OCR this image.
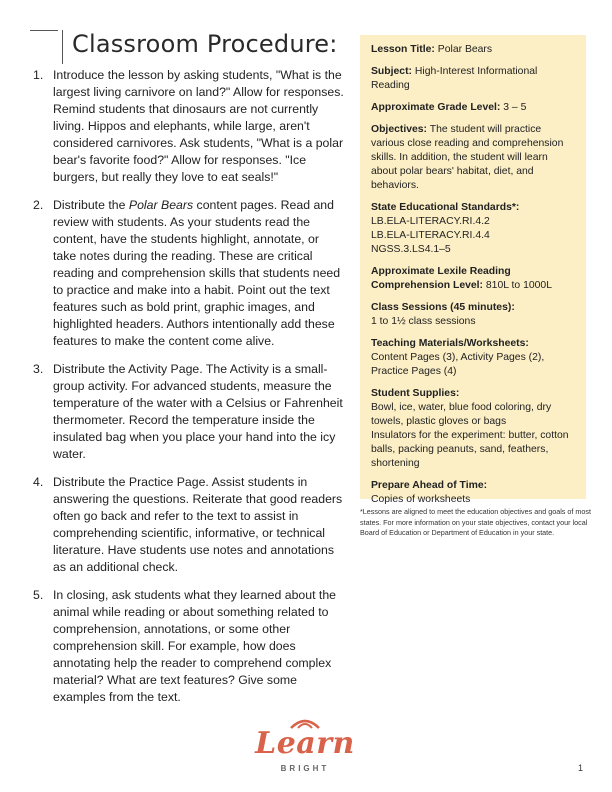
Classroom Procedure:
1. Introduce the lesson by asking students, "What is the largest living carnivore on land?" Allow for responses. Remind students that dinosaurs are not currently living. Hippos and elephants, while large, aren't considered carnivores. Ask students, "What is a polar bear's favorite food?" Allow for responses. "Ice burgers, but really they love to eat seals!"
2. Distribute the Polar Bears content pages. Read and review with students. As your students read the content, have the students highlight, annotate, or take notes during the reading. These are critical reading and comprehension skills that students need to practice and make into a habit. Point out the text features such as bold print, graphic images, and highlighted headers. Authors intentionally add these features to make the content come alive.
3. Distribute the Activity Page. The Activity is a small-group activity. For advanced students, measure the temperature of the water with a Celsius or Fahrenheit thermometer. Record the temperature inside the insulated bag when you place your hand into the icy water.
4. Distribute the Practice Page. Assist students in answering the questions. Reiterate that good readers often go back and refer to the text to assist in comprehending scientific, informative, or technical literature. Have students use notes and annotations as an additional check.
5. In closing, ask students what they learned about the animal while reading or about something related to comprehension, annotations, or some other comprehension skill. For example, how does annotating help the reader to comprehend complex material? What are text features? Give some examples from the text.
Lesson Title: Polar Bears
Subject: High-Interest Informational Reading
Approximate Grade Level: 3 – 5
Objectives: The student will practice various close reading and comprehension skills. In addition, the student will learn about polar bears' habitat, diet, and behaviors.
State Educational Standards*:
LB.ELA-LITERACY.RI.4.2
LB.ELA-LITERACY.RI.4.4
NGSS.3.LS4.1–5
Approximate Lexile Reading Comprehension Level: 810L to 1000L
Class Sessions (45 minutes):
1 to 1½ class sessions
Teaching Materials/Worksheets:
Content Pages (3), Activity Pages (2), Practice Pages (4)
Student Supplies:
Bowl, ice, water, blue food coloring, dry towels, plastic gloves or bags
Insulators for the experiment: butter, cotton balls, packing peanuts, sand, feathers, shortening
Prepare Ahead of Time:
Copies of worksheets
*Lessons are aligned to meet the education objectives and goals of most states. For more information on your state objectives, contact your local Board of Education or Department of Education in your state.
Learn
BRIGHT	1
